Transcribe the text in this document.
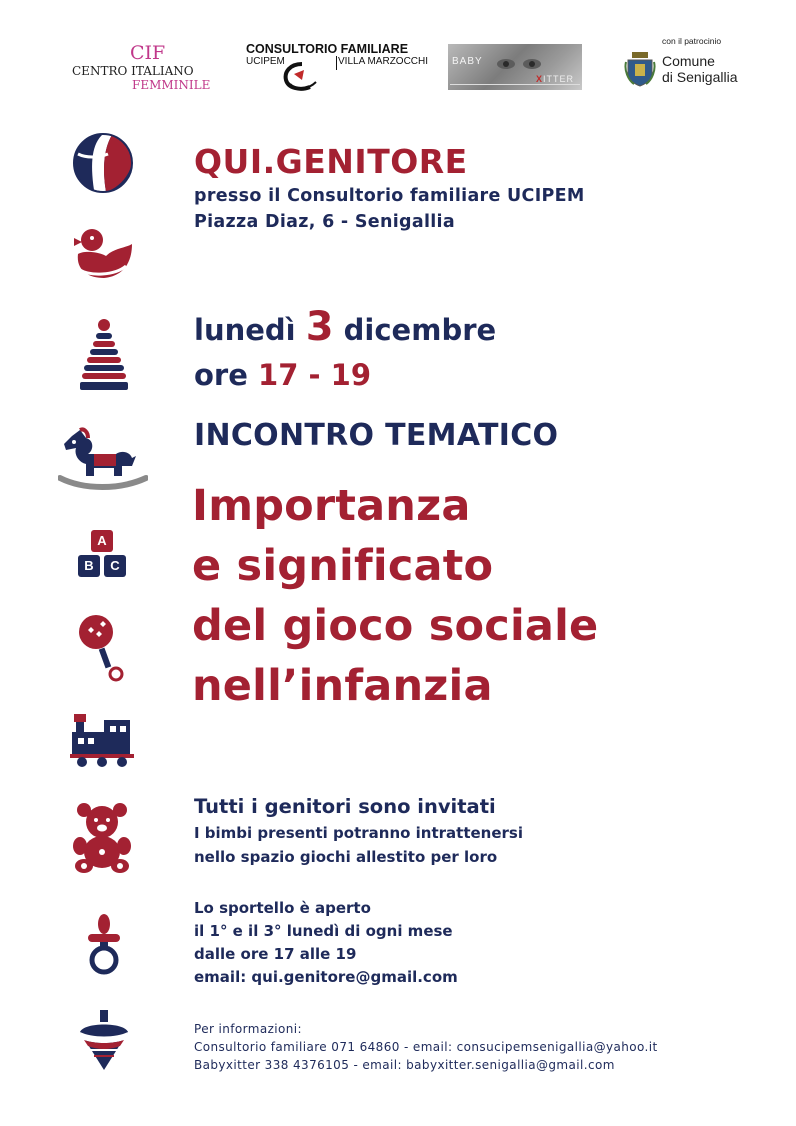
CIF
CENTRO ITALIANO
FEMMINILE
CONSULTORIO FAMILIARE
UCIPEM	VILLA MARZOCCHI BABY
XITTER
con il patrocinio
Comune
di Senigallia
A
B	C
QUI.GENITORE
presso il Consultorio familiare UCIPEM
Piazza Diaz, 6 - Senigallia
lunedì 3 dicembre
ore 17 - 19
INCONTRO TEMATICO
Importanza
e significato
del gioco sociale
nell’infanzia
Tutti i genitori sono invitati
I bimbi presenti potranno intrattenersi
nello spazio giochi allestito per loro
Lo sportello è aperto
il 1° e il 3° lunedì di ogni mese
dalle ore 17 alle 19
email: qui.genitore@gmail.com
Per informazioni:
Consultorio familiare 071 64860 - email: consucipemsenigallia@yahoo.it
Babyxitter 338 4376105 - email: babyxitter.senigallia@gmail.com
